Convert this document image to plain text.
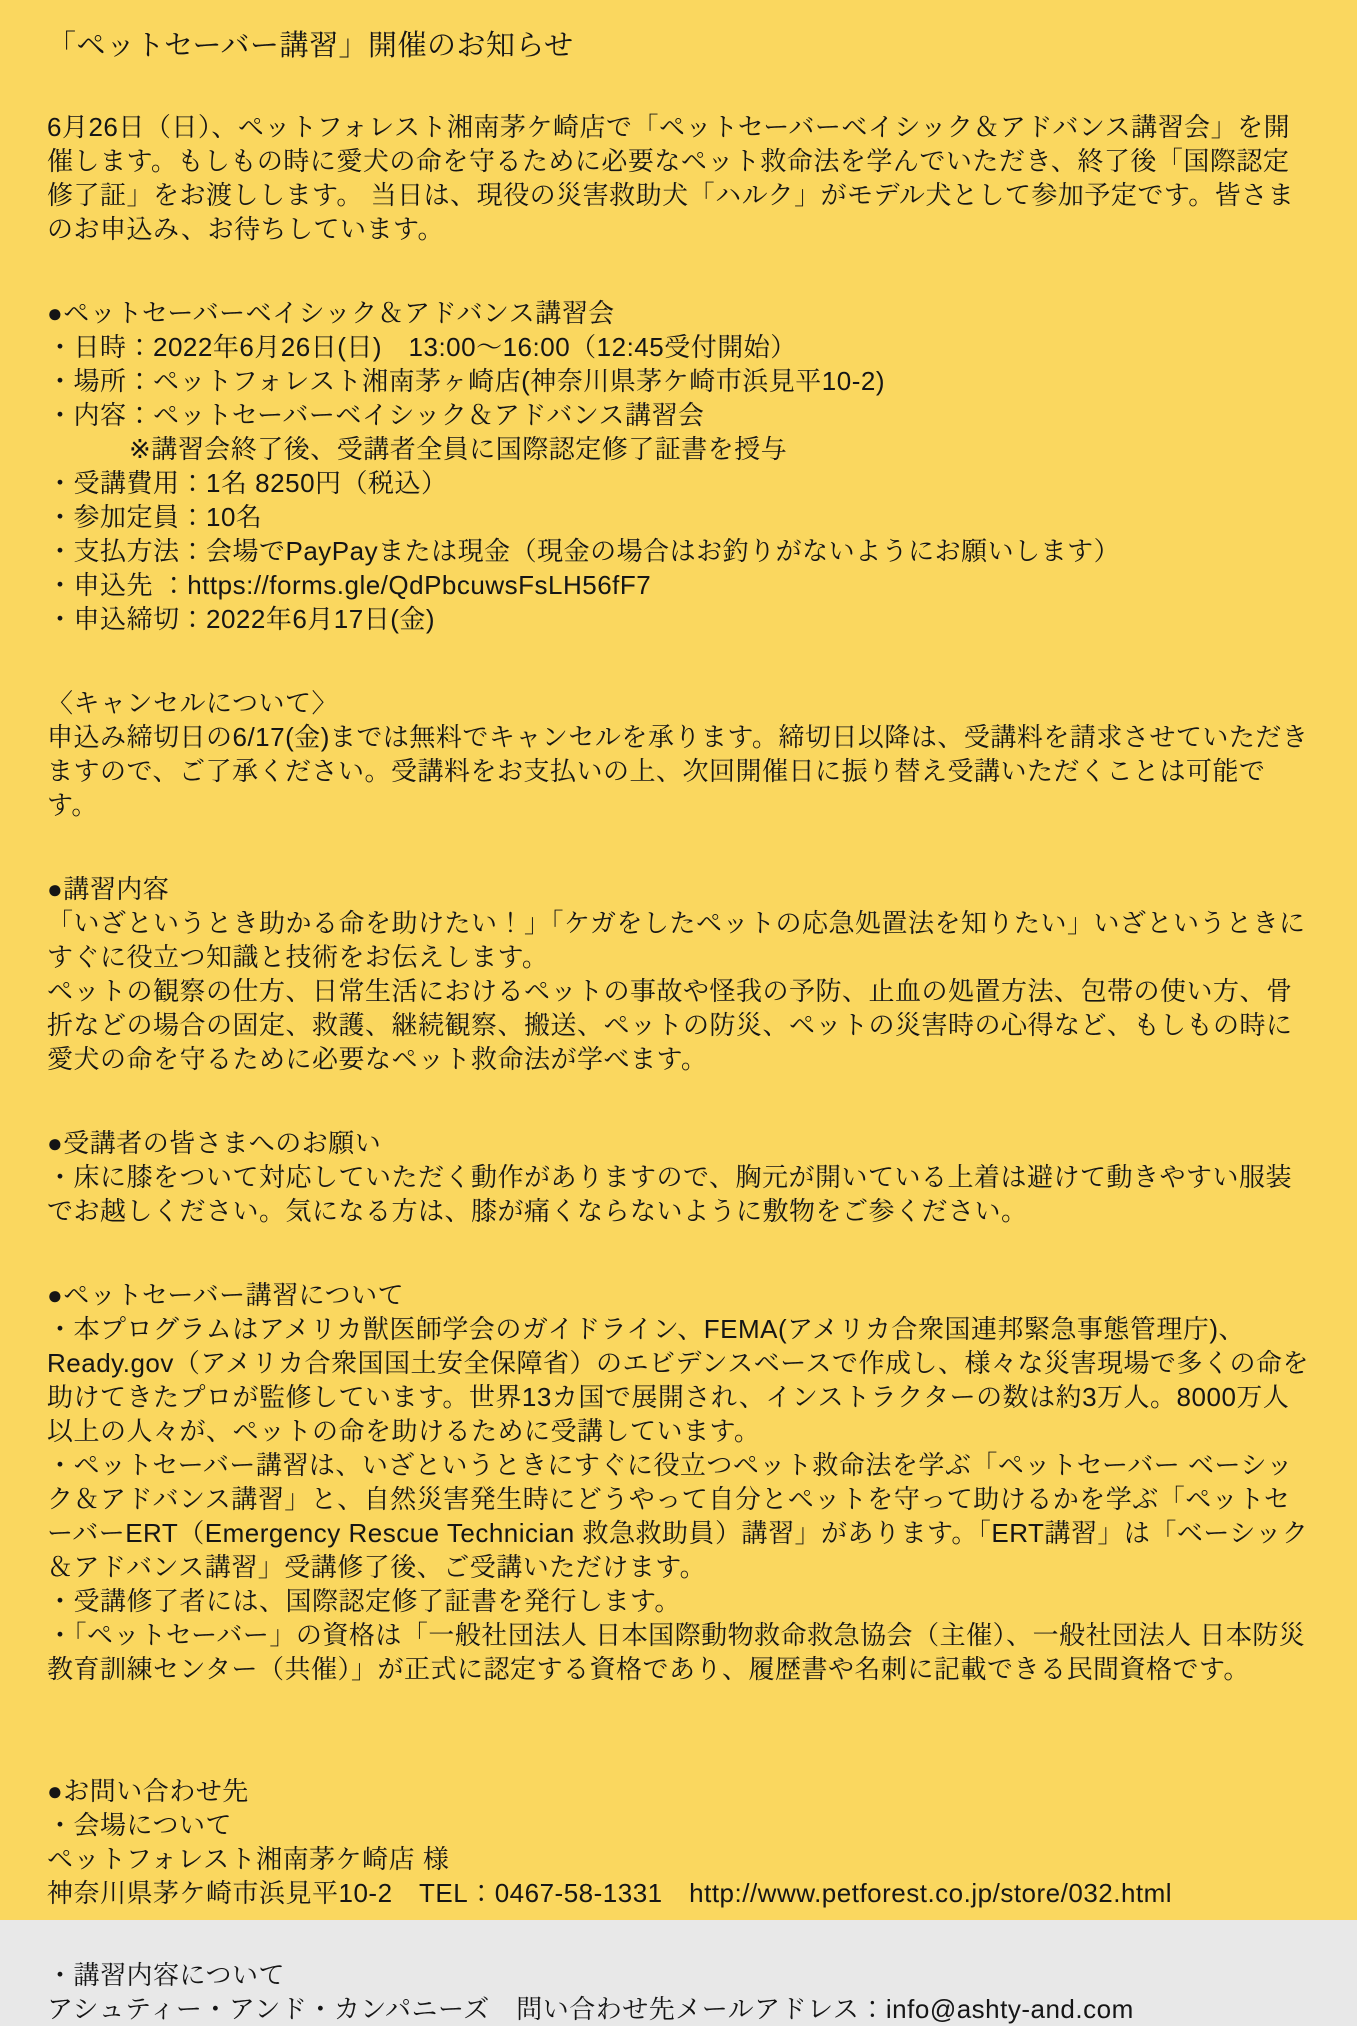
「ペットセーバー講習」開催のお知らせ

6月26日（日）、ペットフォレスト湘南茅ケ崎店で「ペットセーバーベイシック＆アドバンス講習会」を開催します。もしもの時に愛犬の命を守るために必要なペット救命法を学んでいただき、終了後「国際認定修了証」をお渡しします。 当日は、現役の災害救助犬「ハルク」がモデル犬として参加予定です。皆さまのお申込み、お待ちしています。

●ペットセーバーベイシック＆アドバンス講習会

・日時：2022年6月26日(日)　13:00～16:00（12:45受付開始）

・場所：ペットフォレスト湘南茅ヶ崎店(神奈川県茅ケ崎市浜見平10-2)

・内容：ペットセーバーベイシック＆アドバンス講習会

※講習会終了後、受講者全員に国際認定修了証書を授与

・受講費用：1名 8250円（税込）

・参加定員：10名

・支払方法：会場でPayPayまたは現金（現金の場合はお釣りがないようにお願いします）

・申込先 ：https://forms.gle/QdPbcuwsFsLH56fF7

・申込締切：2022年6月17日(金)

〈キャンセルについて〉

申込み締切日の6/17(金)までは無料でキャンセルを承ります。締切日以降は、受講料を請求させていただきますので、ご了承ください。受講料をお支払いの上、次回開催日に振り替え受講いただくことは可能です。

●講習内容

「いざというとき助かる命を助けたい！」「ケガをしたペットの応急処置法を知りたい」いざというときにすぐに役立つ知識と技術をお伝えします。

ペットの観察の仕方、日常生活におけるペットの事故や怪我の予防、止血の処置方法、包帯の使い方、骨折などの場合の固定、救護、継続観察、搬送、ペットの防災、ペットの災害時の心得など、もしもの時に愛犬の命を守るために必要なペット救命法が学べます。

●受講者の皆さまへのお願い

・床に膝をついて対応していただく動作がありますので、胸元が開いている上着は避けて動きやすい服装でお越しください。気になる方は、膝が痛くならないように敷物をご参ください。

●ペットセーバー講習について

・本プログラムはアメリカ獣医師学会のガイドライン、FEMA(アメリカ合衆国連邦緊急事態管理庁)、Ready.gov（アメリカ合衆国国土安全保障省）のエビデンスベースで作成し、様々な災害現場で多くの命を助けてきたプロが監修しています。世界13カ国で展開され、インストラクターの数は約3万人。8000万人以上の人々が、ペットの命を助けるために受講しています。

・ペットセーバー講習は、いざというときにすぐに役立つペット救命法を学ぶ「ペットセーバー ベーシック＆アドバンス講習」と、自然災害発生時にどうやって自分とペットを守って助けるかを学ぶ「ペットセーバーERT（Emergency Rescue Technician 救急救助員）講習」があります。「ERT講習」は「ベーシック＆アドバンス講習」受講修了後、ご受講いただけます。

・受講修了者には、国際認定修了証書を発行します。

・「ペットセーバー」の資格は「一般社団法人 日本国際動物救命救急協会（主催）、一般社団法人 日本防災教育訓練センター（共催）」が正式に認定する資格であり、履歴書や名刺に記載できる民間資格です。

●お問い合わせ先

・会場について

ペットフォレスト湘南茅ケ崎店 様

神奈川県茅ケ崎市浜見平10-2　TEL：0467-58-1331　http://www.petforest.co.jp/store/032.html

・講習内容について

アシュティー・アンド・カンパニーズ　問い合わせ先メールアドレス：info@ashty-and.com
